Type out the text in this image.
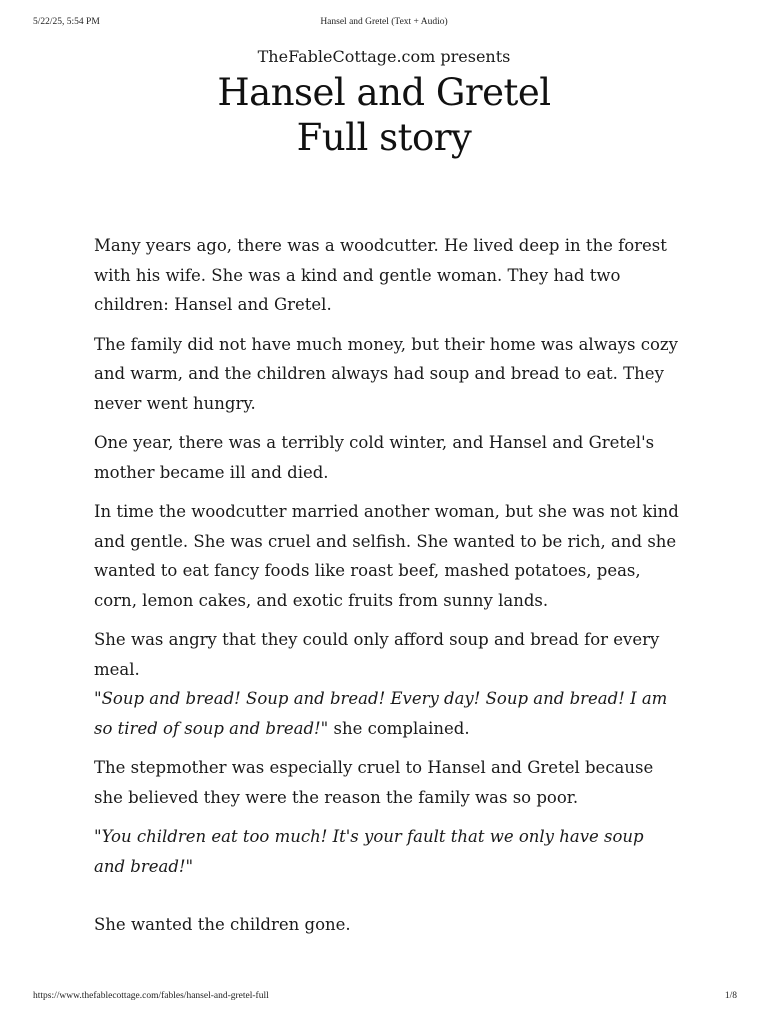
5/22/25, 5:54 PM	Hansel and Gretel (Text + Audio)
TheFableCottage.com presents
Hansel and Gretel
Full story

Many years ago, there was a woodcutter. He lived deep in the forest with his wife. She was a kind and gentle woman. They had two children: Hansel and Gretel.

The family did not have much money, but their home was always cozy and warm, and the children always had soup and bread to eat. They never went hungry.

One year, there was a terribly cold winter, and Hansel and Gretel's mother became ill and died.

In time the woodcutter married another woman, but she was not kind and gentle. She was cruel and selfish. She wanted to be rich, and she wanted to eat fancy foods like roast beef, mashed potatoes, peas, corn, lemon cakes, and exotic fruits from sunny lands.

She was angry that they could only afford soup and bread for every meal.
"Soup and bread! Soup and bread! Every day! Soup and bread! I am so tired of soup and bread!" she complained.

The stepmother was especially cruel to Hansel and Gretel because she believed they were the reason the family was so poor.

"You children eat too much! It's your fault that we only have soup and bread!"

She wanted the children gone.

https://www.thefablecottage.com/fables/hansel-and-gretel-full	1/8
